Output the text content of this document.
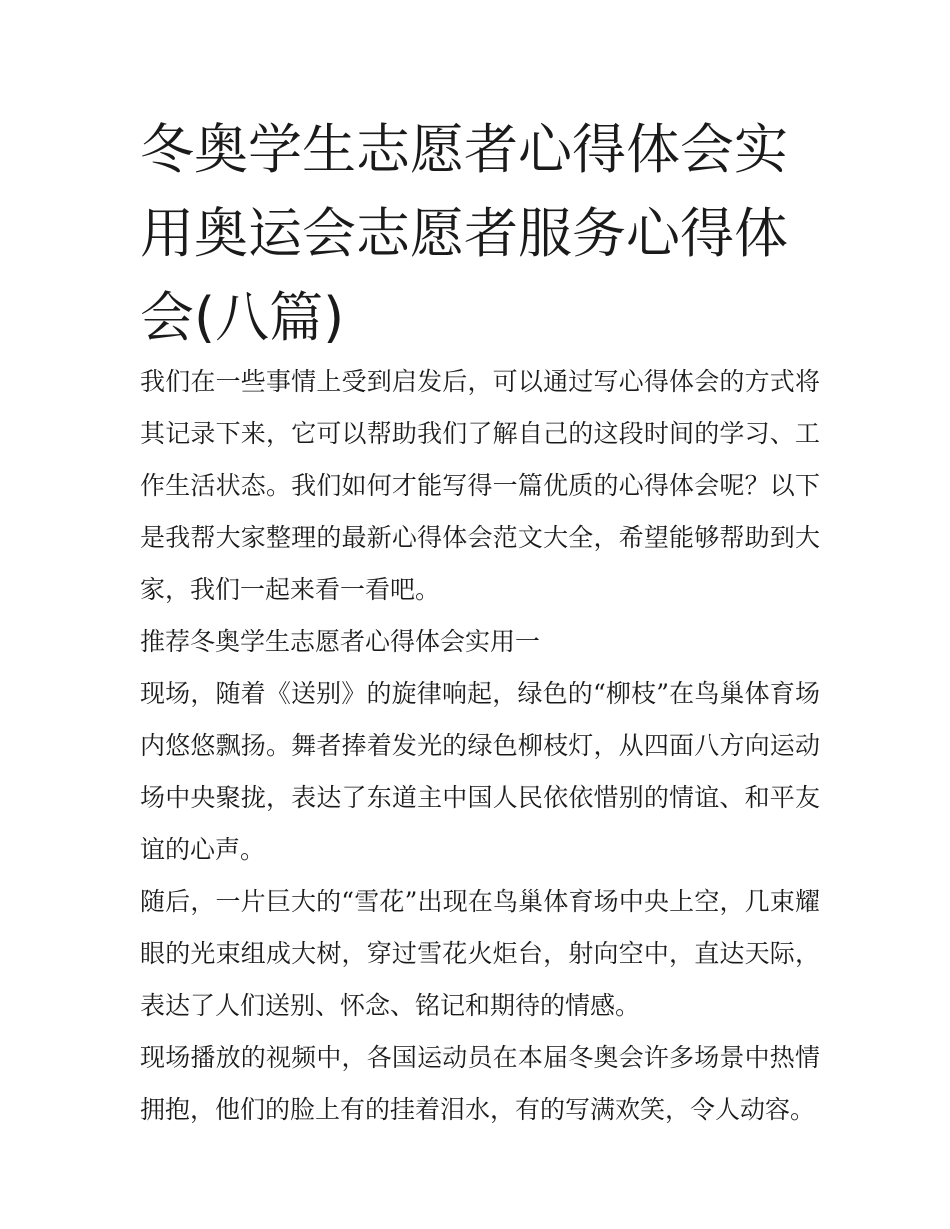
冬奥学生志愿者心得体会实用奥运会志愿者服务心得体会(八篇)

我们在一些事情上受到启发后，可以通过写心得体会的方式将其记录下来，它可以帮助我们了解自己的这段时间的学习、工作生活状态。我们如何才能写得一篇优质的心得体会呢？以下是我帮大家整理的最新心得体会范文大全，希望能够帮助到大家，我们一起来看一看吧。

推荐冬奥学生志愿者心得体会实用一

现场，随着《送别》的旋律响起，绿色的“柳枝”在鸟巢体育场内悠悠飘扬。舞者捧着发光的绿色柳枝灯，从四面八方向运动场中央聚拢，表达了东道主中国人民依依惜别的情谊、和平友谊的心声。

随后，一片巨大的“雪花”出现在鸟巢体育场中央上空，几束耀眼的光束组成大树，穿过雪花火炬台，射向空中，直达天际，表达了人们送别、怀念、铭记和期待的情感。

现场播放的视频中，各国运动员在本届冬奥会许多场景中热情拥抱，他们的脸上有的挂着泪水，有的写满欢笑，令人动容。
